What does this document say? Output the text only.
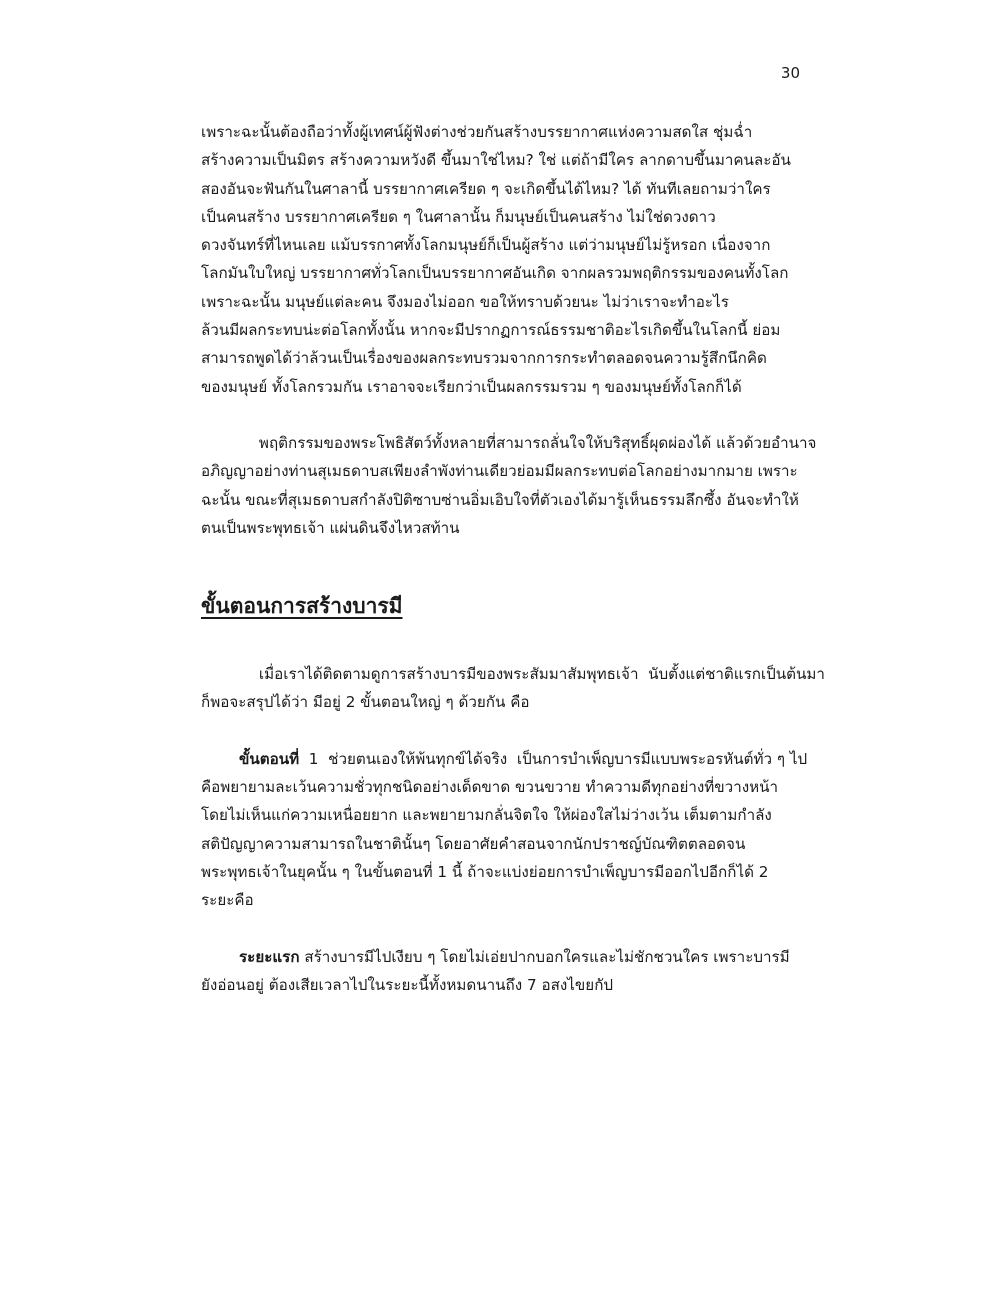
30

เพราะฉะนั้นต้องถือว่าทั้งผู้เทศน์ผู้ฟังต่างช่วยกันสร้างบรรยากาศแห่งความสดใส ชุ่มฉ่ำ
สร้างความเป็นมิตร สร้างความหวังดี ขึ้นมาใช่ไหม? ใช่ แต่ถ้ามีใคร ลากดาบขึ้นมาคนละอัน
สองอันจะฟันกันในศาลานี้ บรรยากาศเครียด ๆ จะเกิดขึ้นได้ไหม? ได้ ทันทีเลยถามว่าใคร
เป็นคนสร้าง บรรยากาศเครียด ๆ ในศาลานั้น ก็มนุษย์เป็นคนสร้าง ไม่ใช่ดวงดาว
ดวงจันทร์ที่ไหนเลย แม้บรรกาศทั้งโลกมนุษย์ก็เป็นผู้สร้าง แต่ว่ามนุษย์ไม่รู้หรอก เนื่องจาก
โลกมันใบใหญ่ บรรยากาศทั่วโลกเป็นบรรยากาศอันเกิด จากผลรวมพฤติกรรมของคนทั้งโลก
เพราะฉะนั้น มนุษย์แต่ละคน จึงมองไม่ออก ขอให้ทราบด้วยนะ ไม่ว่าเราจะทำอะไร
ล้วนมีผลกระทบน่ะต่อโลกทั้งนั้น หากจะมีปรากฏการณ์ธรรมชาติอะไรเกิดขึ้นในโลกนี้ ย่อม
สามารถพูดได้ว่าล้วนเป็นเรื่องของผลกระทบรวมจากการกระทำตลอดจนความรู้สึกนึกคิด
ของมนุษย์ ทั้งโลกรวมกัน เราอาจจะเรียกว่าเป็นผลกรรมรวม ๆ ของมนุษย์ทั้งโลกก็ได้

พฤติกรรมของพระโพธิสัตว์ทั้งหลายที่สามารถลั่นใจให้บริสุทธิ์ผุดผ่องได้ แล้วด้วยอำนาจ
อภิญญาอย่างท่านสุเมธดาบสเพียงลำพังท่านเดียวย่อมมีผลกระทบต่อโลกอย่างมากมาย เพราะ
ฉะนั้น ขณะที่สุเมธดาบสกำลังปิติซาบซ่านอิ่มเอิบใจที่ตัวเองได้มารู้เห็นธรรมลึกซึ้ง อันจะทำให้
ตนเป็นพระพุทธเจ้า แผ่นดินจึงไหวสท้าน

ขั้นตอนการสร้างบารมี

เมื่อเราได้ติดตามดูการสร้างบารมีของพระสัมมาสัมพุทธเจ้า  นับตั้งแต่ชาติแรกเป็นต้นมา
ก็พอจะสรุปได้ว่า มีอยู่ 2 ขั้นตอนใหญ่ ๆ ด้วยกัน คือ

ขั้นตอนที่  1  ช่วยตนเองให้พ้นทุกข์ได้จริง  เป็นการบำเพ็ญบารมีแบบพระอรหันต์ทั่ว ๆ ไป
คือพยายามละเว้นความชั่วทุกชนิดอย่างเด็ดขาด ขวนขวาย ทำความดีทุกอย่างที่ขวางหน้า
โดยไม่เห็นแก่ความเหนื่อยยาก และพยายามกลั่นจิตใจ ให้ผ่องใสไม่ว่างเว้น เต็มตามกำลัง
สติปัญญาความสามารถในชาตินั้นๆ โดยอาศัยคำสอนจากนักปราชญ์บัณฑิตตลอดจน
พระพุทธเจ้าในยุคนั้น ๆ ในขั้นตอนที่ 1 นี้ ถ้าจะแบ่งย่อยการบำเพ็ญบารมีออกไปอีกก็ได้ 2
ระยะคือ

ระยะแรก สร้างบารมีไปเงียบ ๆ โดยไม่เอ่ยปากบอกใครและไม่ชักชวนใคร เพราะบารมี
ยังอ่อนอยู่ ต้องเสียเวลาไปในระยะนี้ทั้งหมดนานถึง 7 อสงไขยกัป
